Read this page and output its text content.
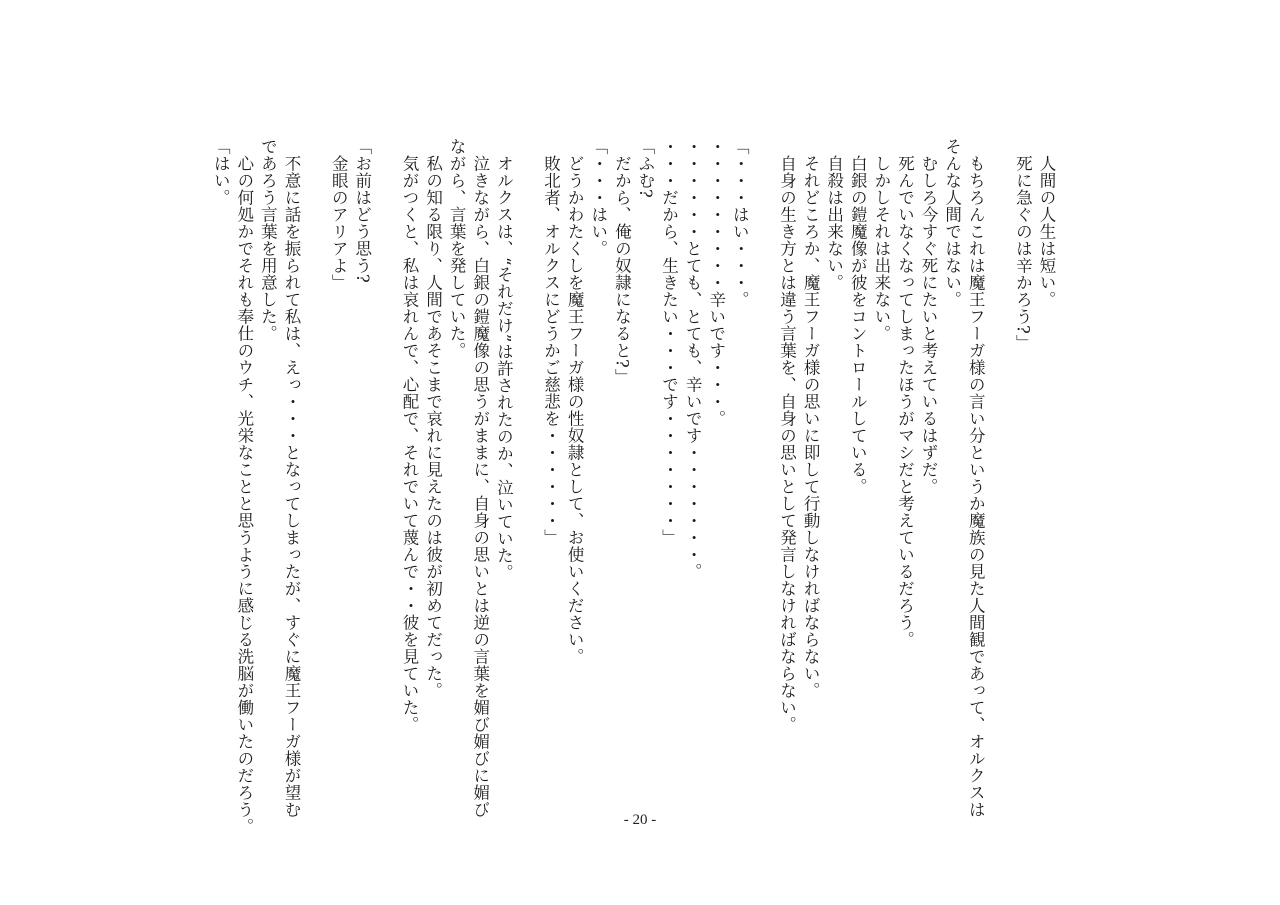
　人間の人生は短い。
　死に急ぐのは辛かろう?」

　もちろんこれは魔王フーガ様の言い分というか魔族の見た人間観であって、オルクスは
そんな人間ではない。
　むしろ今すぐ死にたいと考えているはずだ。
　死んでいなくなってしまったほうがマシだと考えているだろう。
　しかしそれは出来ない。
　白銀の鎧魔像が彼をコントロールしている。
　自殺は出来ない。
　それどころか、魔王フーガ様の思いに即して行動しなければならない。
　自身の生き方とは違う言葉を、自身の思いとして発言しなければならない。

「・・・はい・・・。
・・・・・・・・・辛いです・・・。
・・・・・・とても、とても、辛いです・・・・・・・。
・・・だから、生きたい・・・です・・・・・・・」
「ふむ?
　だから、俺の奴隷になると?」
「・・・はい。
　どうかわたくしを魔王フーガ様の性奴隷として、お使いください。
　敗北者、オルクスにどうかご慈悲を・・・・・・」

　オルクスは、“それだけ”は許されたのか、泣いていた。
　泣きながら、白銀の鎧魔像の思うがままに、自身の思いとは逆の言葉を媚び媚びに媚び
ながら、言葉を発していた。
　私の知る限り、人間であそこまで哀れに見えたのは彼が初めてだった。
　気がつくと、私は哀れんで、心配で、それでいて蔑んで・・彼を見ていた。

「お前はどう思う?
　金眼のアリアよ」

　不意に話を振られて私は、えっ・・・となってしまったが、すぐに魔王フーガ様が望む
であろう言葉を用意した。
　心の何処かでそれも奉仕のウチ、光栄なことと思うように感じる洗脳が働いたのだろう。
「はい。
- 20 -
